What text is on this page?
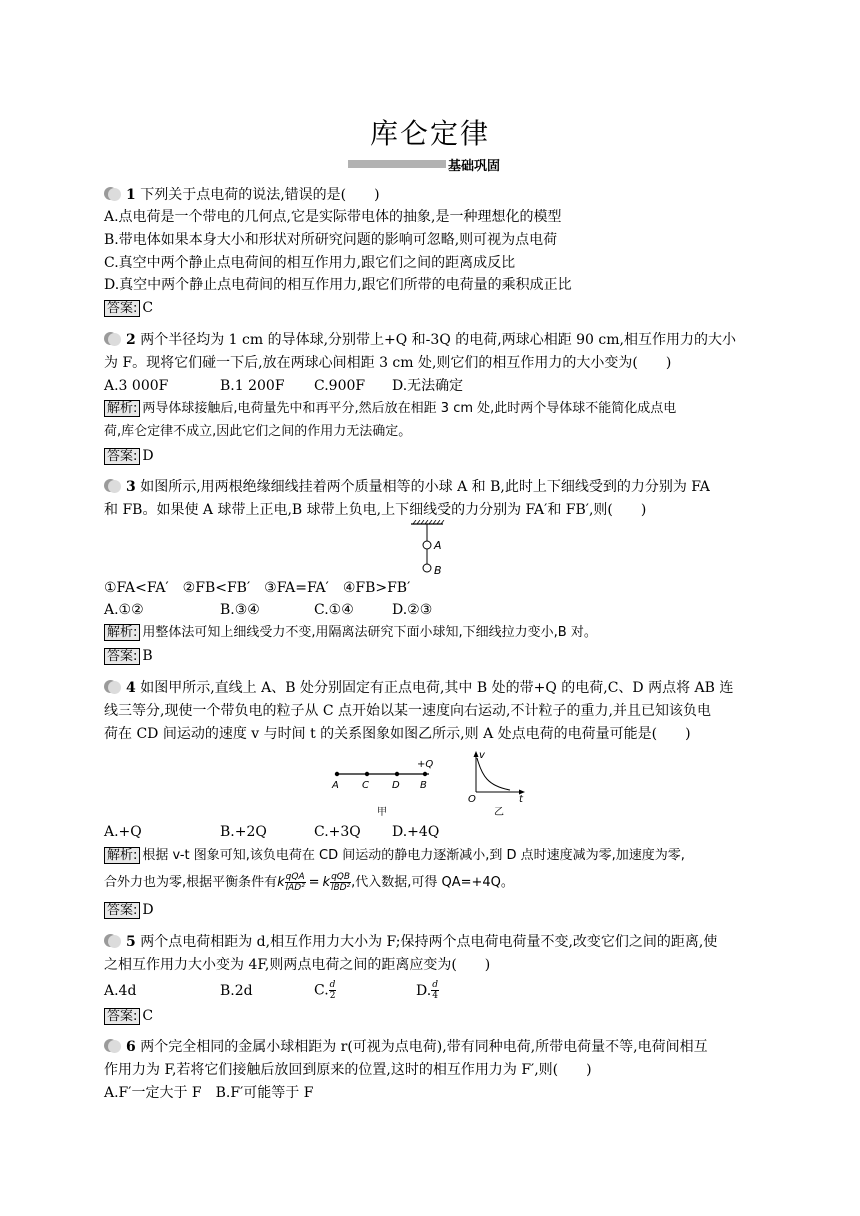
库仑定律
基础巩固
1 下列关于点电荷的说法,错误的是(　　)
A.点电荷是一个带电的几何点,它是实际带电体的抽象,是一种理想化的模型
B.带电体如果本身大小和形状对所研究问题的影响可忽略,则可视为点电荷
C.真空中两个静止点电荷间的相互作用力,跟它们之间的距离成反比
D.真空中两个静止点电荷间的相互作用力,跟它们所带的电荷量的乘积成正比
答案: C
2 两个半径均为 1 cm 的导体球,分别带上+Q 和-3Q 的电荷,两球心相距 90 cm,相互作用力的大小
为 F。现将它们碰一下后,放在两球心间相距 3 cm 处,则它们的相互作用力的大小变为(　　)
A.3 000F	B.1 200F C.900F D.无法确定
解析: 两导体球接触后,电荷量先中和再平分,然后放在相距 3 cm 处,此时两个导体球不能简化成点电
荷,库仑定律不成立,因此它们之间的作用力无法确定。
答案: D
3 如图所示,用两根绝缘细线挂着两个质量相等的小球 A 和 B,此时上下细线受到的力分别为 FA
和 FB。如果使 A 球带上正电,B 球带上负电,上下细线受的力分别为 FA′和 FB′,则(　　)
A
B
①FA<FA′　②FB<FB′　③FA=FA′　④FB>FB′
A.①②	B.③④	C.①④	D.②③
解析: 用整体法可知上细线受力不变,用隔离法研究下面小球知,下细线拉力变小,B 对。
答案: B
4 如图甲所示,直线上 A、B 处分别固定有正点电荷,其中 B 处的带+Q 的电荷,C、D 两点将 AB 连
线三等分,现使一个带负电的粒子从 C 点开始以某一速度向右运动,不计粒子的重力,并且已知该负电
荷在 CD 间运动的速度 v 与时间 t 的关系图象如图乙所示,则 A 处点电荷的电荷量可能是(　　)
+Q
A C D B
甲
v
t
O
乙
A.+Q	B.+2Q	C.+3Q D.+4Q
解析: 根据 v-t 图象可知,该负电荷在 CD 间运动的静电力逐渐减小,到 D 点时速度减为零,加速度为零,
合外力也为零,根据平衡条件有k $\frac{\text{qQA}}{\text{lAD²}} = k \frac{\text{qQB}}{\text{lBD²}}$ ,代入数据,可得 QA=+4Q。
答案: D
5 两个点电荷相距为 d,相互作用力大小为 F;保持两个点电荷电荷量不变,改变它们之间的距离,使
之相互作用力大小变为 4F,则两点电荷之间的距离应变为(　　)
A.4d	B.2d	C. $\frac{d}{2}$	D. $\frac{d}{4}$
答案: C
6 两个完全相同的金属小球相距为 r(可视为点电荷),带有同种电荷,所带电荷量不等,电荷间相互
作用力为 F,若将它们接触后放回到原来的位置,这时的相互作用力为 F′,则(　　)
A.F′一定大于 F　B.F′可能等于 F
